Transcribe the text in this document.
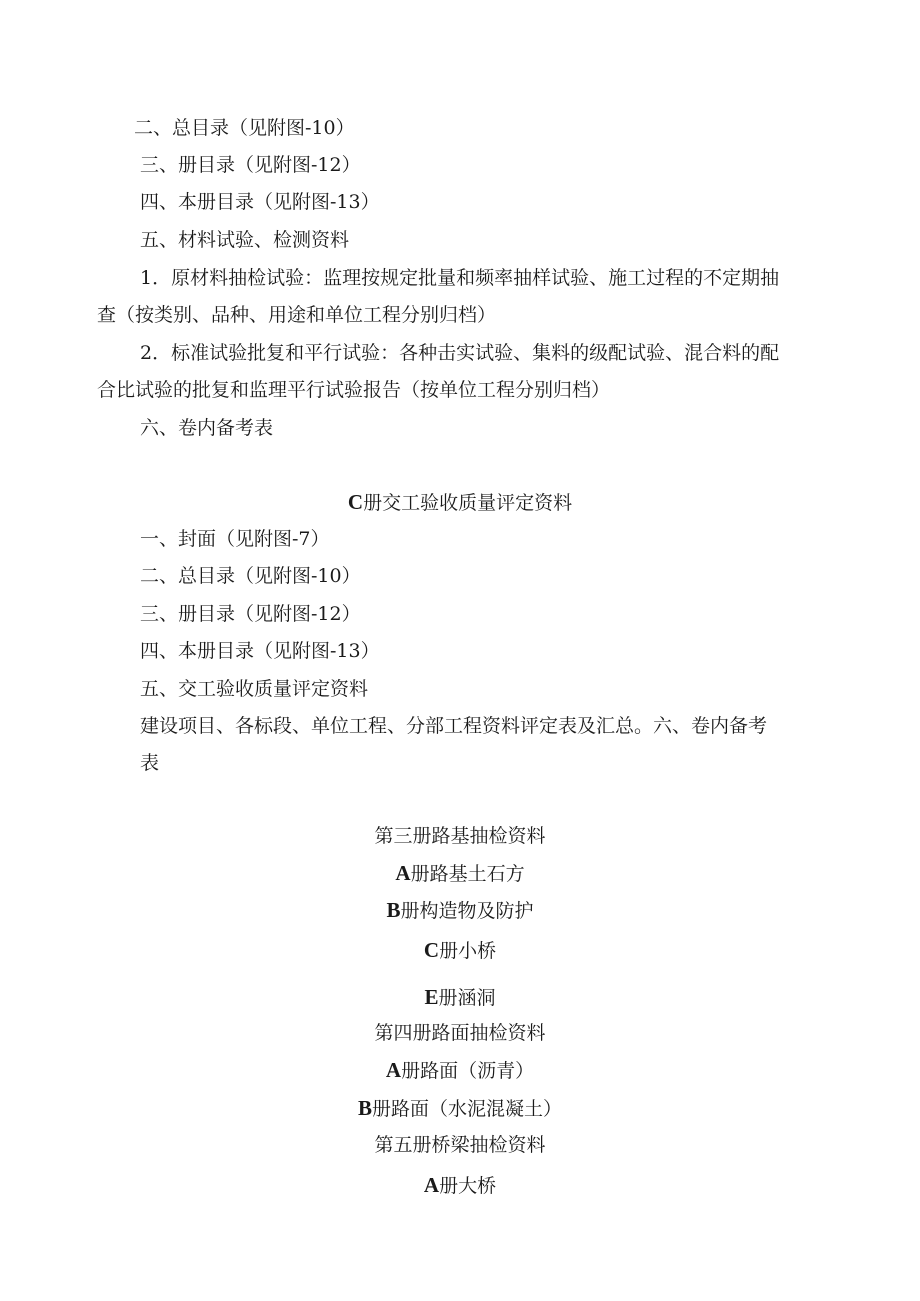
二、总目录（见附图-10）
三、册目录（见附图-12）
四、本册目录（见附图-13）
五、材料试验、检测资料
1．原材料抽检试验：监理按规定批量和频率抽样试验、施工过程的不定期抽
查（按类别、品种、用途和单位工程分别归档）
2．标准试验批复和平行试验：各种击实试验、集料的级配试验、混合料的配
合比试验的批复和监理平行试验报告（按单位工程分别归档）
六、卷内备考表
C册交工验收质量评定资料
一、封面（见附图-7）
二、总目录（见附图-10）
三、册目录（见附图-12）
四、本册目录（见附图-13）
五、交工验收质量评定资料
建设项目、各标段、单位工程、分部工程资料评定表及汇总。六、卷内备考
表
第三册路基抽检资料
A册路基土石方
B册构造物及防护
C册小桥
E册涵洞
第四册路面抽检资料
A册路面（沥青）
B册路面（水泥混凝土）
第五册桥梁抽检资料
A册大桥
